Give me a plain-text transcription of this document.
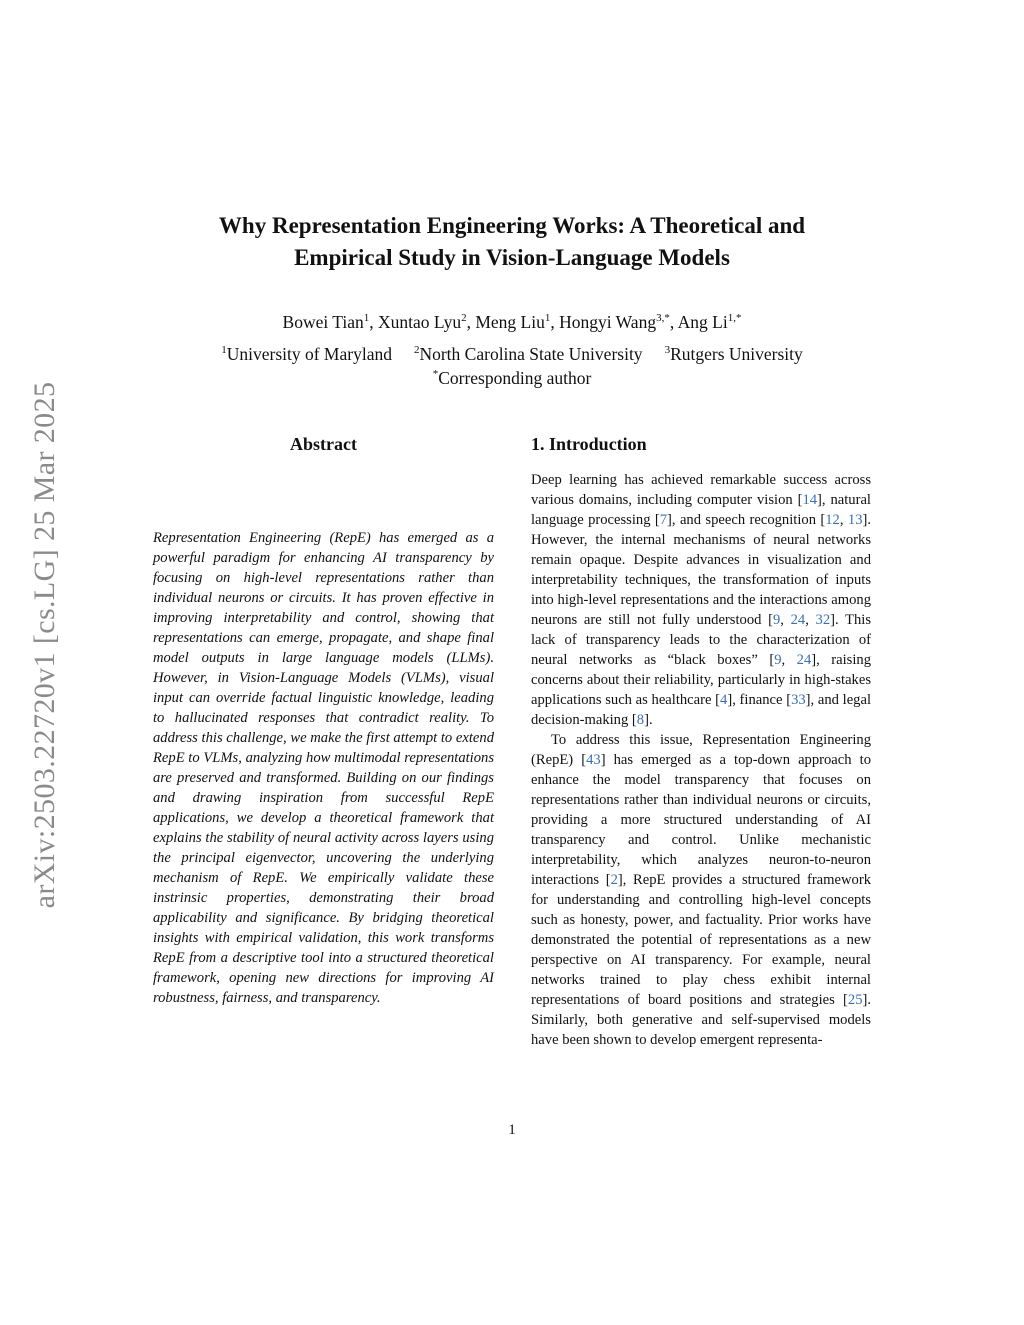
arXiv:2503.22720v1 [cs.LG] 25 Mar 2025
Why Representation Engineering Works: A Theoretical and
Empirical Study in Vision-Language Models
Bowei Tian$^1$, Xuntao Lyu$^2$, Meng Liu$^1$, Hongyi Wang$^{3,*}$, Ang $Li^{1,*}$
$^1$University of Maryland $^2$North Carolina State University $^3$Rutgers University
*Corresponding author
Abstract

Representation Engineering (RepE) has emerged as a powerful paradigm for enhancing AI transparency by focusing on high-level representations rather than individual neurons or circuits. It has proven effective in improving interpretability and control, showing that representations can emerge, propagate, and shape final model outputs in large language models (LLMs). However, in Vision-Language Models (VLMs), visual input can override factual linguistic knowledge, leading to hallucinated responses that contradict reality. To address this challenge, we make the first attempt to extend RepE to VLMs, analyzing how multimodal representations are preserved and transformed. Building on our findings and drawing inspiration from successful RepE applications, we develop a theoretical framework that explains the stability of neural activity across layers using the principal eigenvector, uncovering the underlying mechanism of RepE. We empirically validate these instrinsic properties, demonstrating their broad applicability and significance. By bridging theoretical insights with empirical validation, this work transforms RepE from a descriptive tool into a structured theoretical framework, opening new directions for improving AI robustness, fairness, and transparency.

1. Introduction

Deep learning has achieved remarkable success across various domains, including computer vision [14], natural language processing [7], and speech recognition [12, 13]. However, the internal mechanisms of neural networks remain opaque. Despite advances in visualization and interpretability techniques, the transformation of inputs into high-level representations and the interactions among neurons are still not fully understood [9, 24, 32]. This lack of transparency leads to the characterization of neural networks as “black boxes” [9, 24], raising concerns about their reliability, particularly in high-stakes applications such as healthcare [4], finance [33], and legal decision-making [8].

To address this issue, Representation Engineering (RepE) [43] has emerged as a top-down approach to enhance the model transparency that focuses on representations rather than individual neurons or circuits, providing a more structured understanding of AI transparency and control. Unlike mechanistic interpretability, which analyzes neuron-to-neuron interactions [2], RepE provides a structured framework for understanding and controlling high-level concepts such as honesty, power, and factuality. Prior works have demonstrated the potential of representations as a new perspective on AI transparency. For example, neural networks trained to play chess exhibit internal representations of board positions and strategies [25]. Similarly, both generative and self-supervised models have been shown to develop emergent representa-

1
